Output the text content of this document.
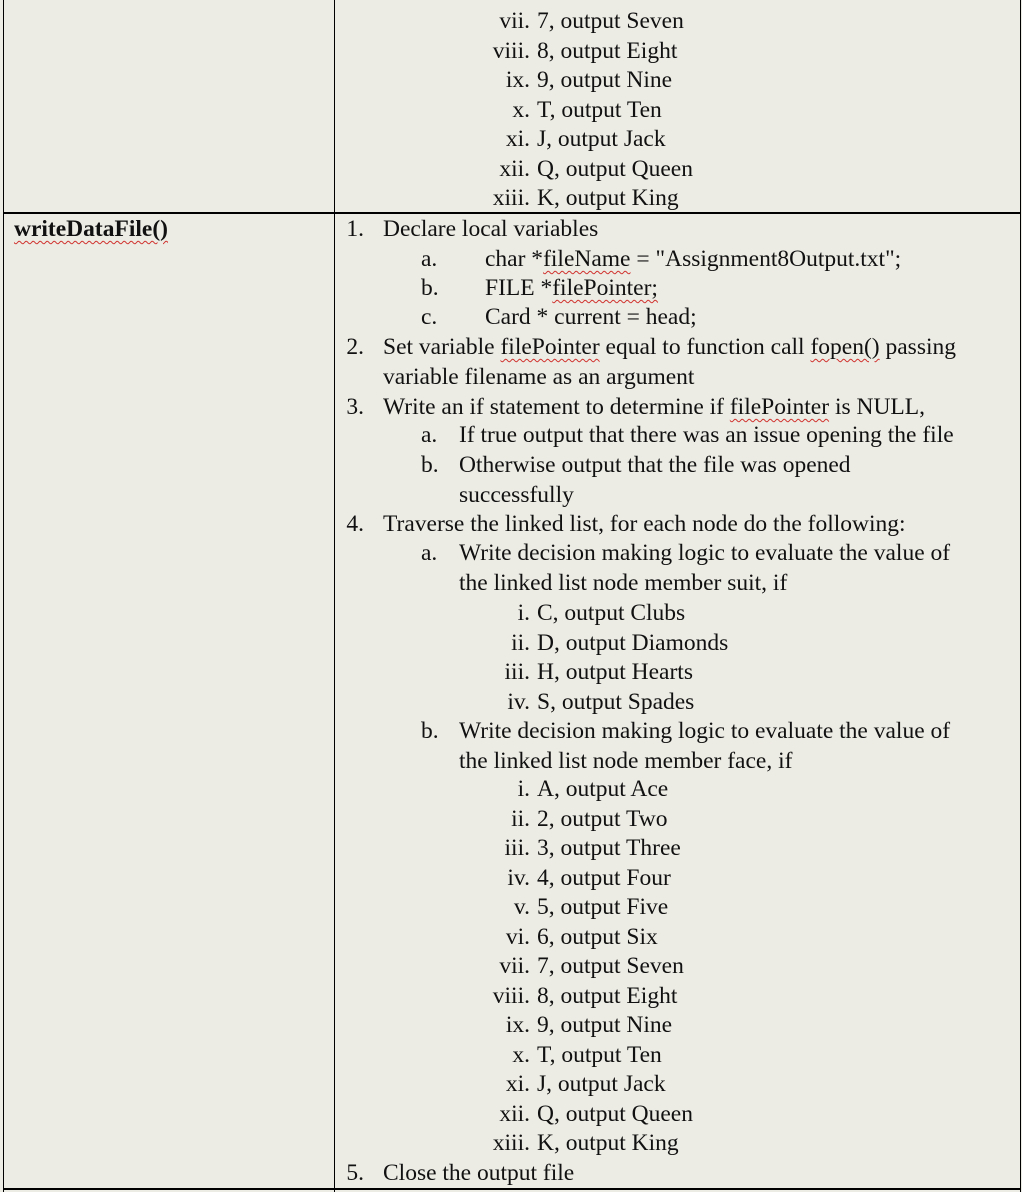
vii. 7, output Seven
viii. 8, output Eight
ix. 9, output Nine
x. T, output Ten
xi. J, output Jack
xii. Q, output Queen
xiii. K, output King
writeDataFile()	1. Declare local variables
a. char *fileName = "Assignment8Output.txt";
b. FILE *filePointer;
c. Card * current = head;
2. Set variable filePointer equal to function call fopen() passing
variable filename as an argument
3. Write an if statement to determine if filePointer is NULL,
a. If true output that there was an issue opening the file
b. Otherwise output that the file was opened
successfully
4. Traverse the linked list, for each node do the following:
a. Write decision making logic to evaluate the value of
the linked list node member suit, if
i. C, output Clubs
ii. D, output Diamonds
iii. H, output Hearts
iv. S, output Spades
b. Write decision making logic to evaluate the value of
the linked list node member face, if
i. A, output Ace
ii. 2, output Two
iii. 3, output Three
iv. 4, output Four
v. 5, output Five
vi. 6, output Six
vii. 7, output Seven
viii. 8, output Eight
ix. 9, output Nine
x. T, output Ten
xi. J, output Jack
xii. Q, output Queen
xiii. K, output King
5. Close the output file
